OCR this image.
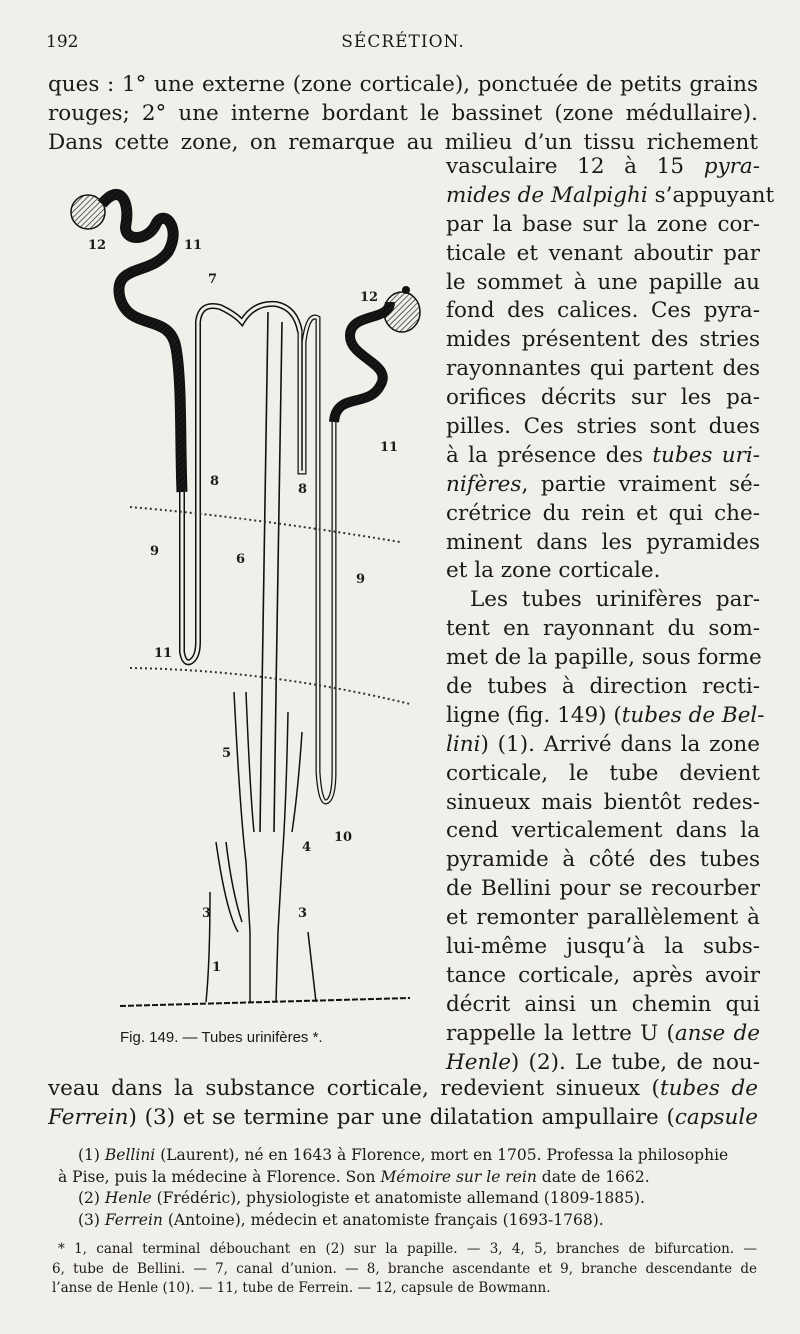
192	SÉCRÉTION.
ques : 1° une externe (zone corticale), ponctuée de petits grains
rouges; 2° une interne bordant le bassinet (zone médullaire).
Dans cette zone, on remarque au milieu d’un tissu richement
vasculaire 12 à 15 pyra-
mides de Malpighi s’appuyant
par la base sur la zone cor-
ticale et venant aboutir par
le sommet à une papille au
fond des calices. Ces pyra-
mides présentent des stries
rayonnantes qui partent des
orifices décrits sur les pa-
pilles. Ces stries sont dues
à la présence des tubes uri-
nifères, partie vraiment sé-
crétrice du rein et qui che-
minent dans les pyramides
et la zone corticale.
Les tubes urinifères par-
tent en rayonnant du som-
met de la papille, sous forme
de tubes à direction recti-
ligne (fig. 149) (tubes de Bel-
lini) (1). Arrivé dans la zone
corticale, le tube devient
sinueux mais bientôt redes-
cend verticalement dans la
pyramide à côté des tubes
de Bellini pour se recourber
et remonter parallèlement à
lui-même jusqu’à la subs-
tance corticale, après avoir
décrit ainsi un chemin qui
rappelle la lettre U (anse de
Henle) (2). Le tube, de nou-
veau dans la substance corticale, redevient sinueux (tubes de
Ferrein) (3) et se termine par une dilatation ampullaire (capsule
12	11
7
12
11
8
8
9
6
9
11
5
4
10
3	3
1
Fig. 149. — Tubes urinifères *.
(1) Bellini (Laurent), né en 1643 à Florence, mort en 1705. Professa la philosophie
à Pise, puis la médecine à Florence. Son Mémoire sur le rein date de 1662.
(2) Henle (Frédéric), physiologiste et anatomiste allemand (1809-1885).
(3) Ferrein (Antoine), médecin et anatomiste français (1693-1768).
* 1, canal terminal débouchant en (2) sur la papille. — 3, 4, 5, branches de bifurcation. —
6, tube de Bellini. — 7, canal d’union. — 8, branche ascendante et 9, branche descendante de
l’anse de Henle (10). — 11, tube de Ferrein. — 12, capsule de Bowmann.
